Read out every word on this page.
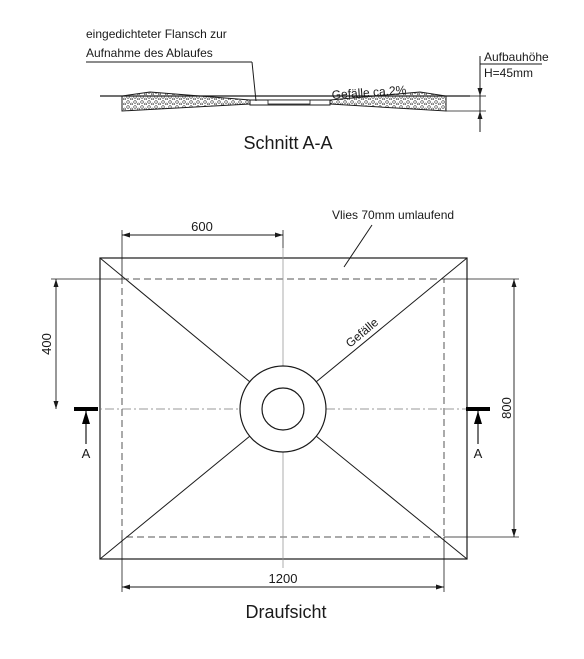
eingedichteter Flansch zur
Aufnahme des Ablaufes
Gefälle ca.2%
Aufbauhöhe
H=45mm
Schnitt A-A
Vlies 70mm umlaufend
Gefälle
600
400
800
1200
A	A
Draufsicht
